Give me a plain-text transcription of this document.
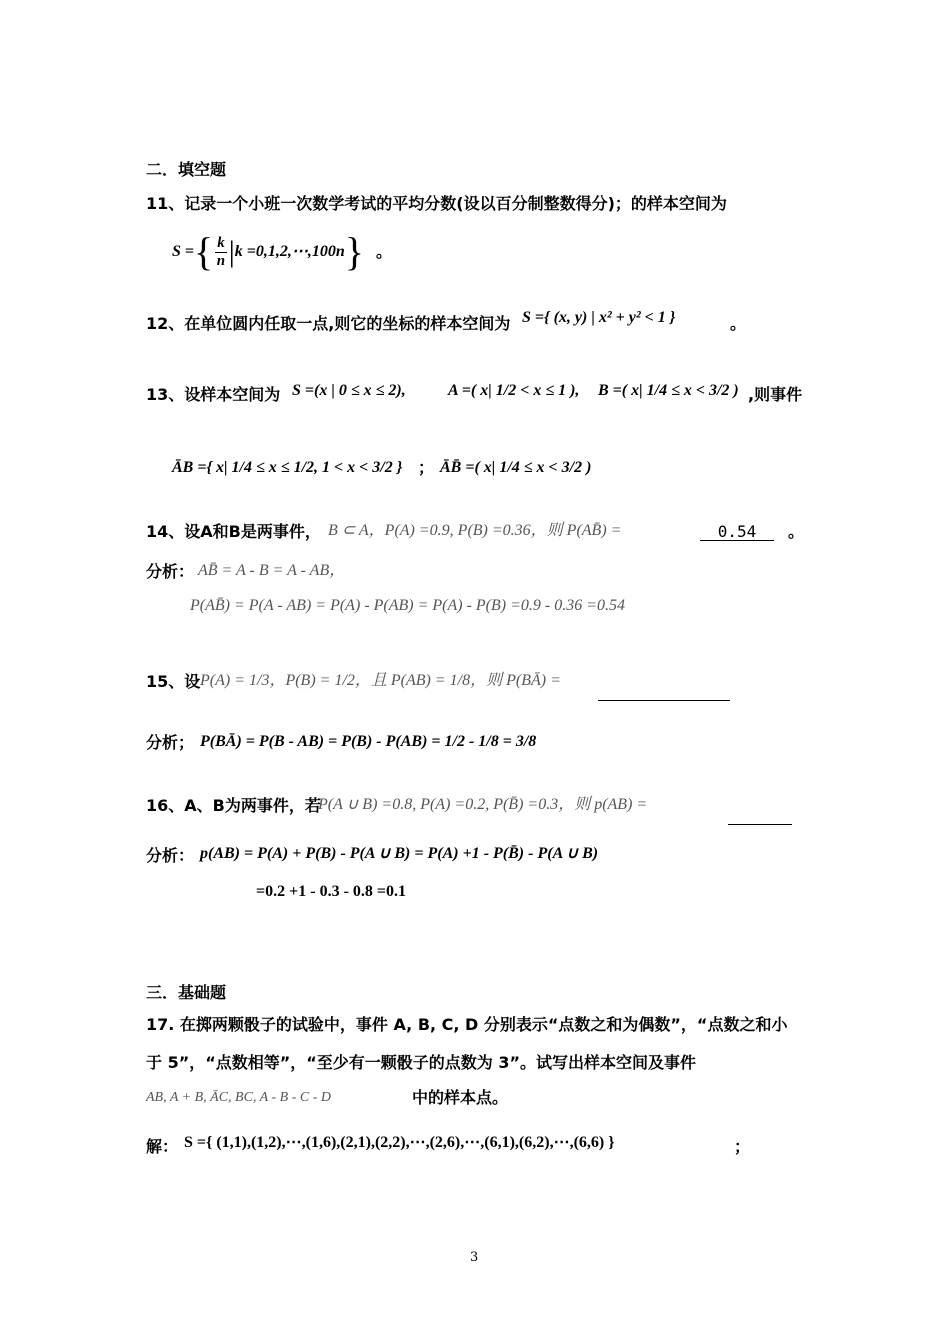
二．填空题
11、记录一个小班一次数学考试的平均分数(设以百分制整数得分)；的样本空间为
S = { $\frac{k}{n}$ | k =0,1,2,⋯,100n } 。
12、在单位圆内任取一点,则它的坐标的样本空间为 S ={ (x, y) | x² + y² < 1 }	。
13、设样本空间为 S =(x | 0 ≤ x ≤ 2),	A =( x| 1/2 < x ≤ 1 ), B =( x| 1/4 ≤ x < 3/2 ) ,则事件
ĀB ={ x| 1/4 ≤ x ≤ 1/2, 1 < x < 3/2 } ； ĀB̄ =( x| 1/4 ≤ x < 3/2 )
14、设A和B是两事件， B ⊂ A，P(A) =0.9, P(B) =0.36，则 P(AB̄) =	0.54	。
分析： AB̄ = A - B = A - AB，
P(AB̄) = P(A - AB) = P(A) - P(AB) = P(A) - P(B) =0.9 - 0.36 =0.54
15、设 P(A) = 1/3，P(B) = 1/2，且 P(AB) = 1/8，则 P(BĀ) =
分析； P(BĀ) = P(B - AB) = P(B) - P(AB) = 1/2 - 1/8 = 3/8
16、A、B为两事件，若
P(A ∪ B) =0.8, P(A) =0.2, P(B̄) =0.3，则 p(AB) =
分析： p(AB) = P(A) + P(B) - P(A ∪ B) = P(A) +1 - P(B̄) - P(A ∪ B)
=0.2 +1 - 0.3 - 0.8 =0.1
三．基础题
17. 在掷两颗骰子的试验中，事件 A, B, C, D 分别表示“点数之和为偶数”，“点数之和小
于 5”，“点数相等”，“至少有一颗骰子的点数为 3”。试写出样本空间及事件
AB, A + B, ĀC, BC, A - B - C - D	中的样本点。
解： S ={ (1,1),(1,2),⋯,(1,6),(2,1),(2,2),⋯,(2,6),⋯,(6,1),(6,2),⋯,(6,6) }	；
3
